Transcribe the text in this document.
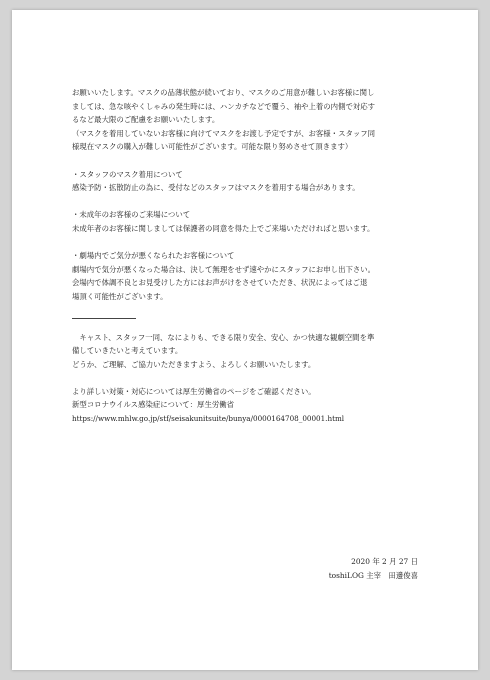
お願いいたします。マスクの品薄状態が続いており、マスクのご用意が難しいお客様に関し

ましては、急な咳やくしゃみの発生時には、ハンカチなどで覆う、袖や上着の内側で対応す

るなど最大限のご配慮をお願いいたします。

（マスクを着用していないお客様に向けてマスクをお渡し予定ですが、お客様・スタッフ同

様現在マスクの購入が難しい可能性がございます。可能な限り努めさせて頂きます）

・スタッフのマスク着用について

感染予防・拡散防止の為に、受付などのスタッフはマスクを着用する場合があります。

・未成年のお客様のご来場について

未成年者のお客様に関しましては保護者の同意を得た上でご来場いただければと思います。

・劇場内でご気分が悪くなられたお客様について

劇場内で気分が悪くなった場合は、決して無理をせず速やかにスタッフにお申し出下さい。

会場内で体調不良とお見受けした方にはお声がけをさせていただき、状況によってはご退

場頂く可能性がございます。

キャスト、スタッフ一同、なによりも、できる限り安全、安心、かつ快適な観劇空間を準

備していきたいと考えています。

どうか、ご理解、ご協力いただきますよう、よろしくお願いいたします。

より詳しい対策・対応については厚生労働省のページをご確認ください。

新型コロナウイルス感染症について：厚生労働省

https://www.mhlw.go.jp/stf/seisakunitsuite/bunya/0000164708_00001.html

2020 年 2 月 27 日

toshiLOG 主宰　田邊俊喜
